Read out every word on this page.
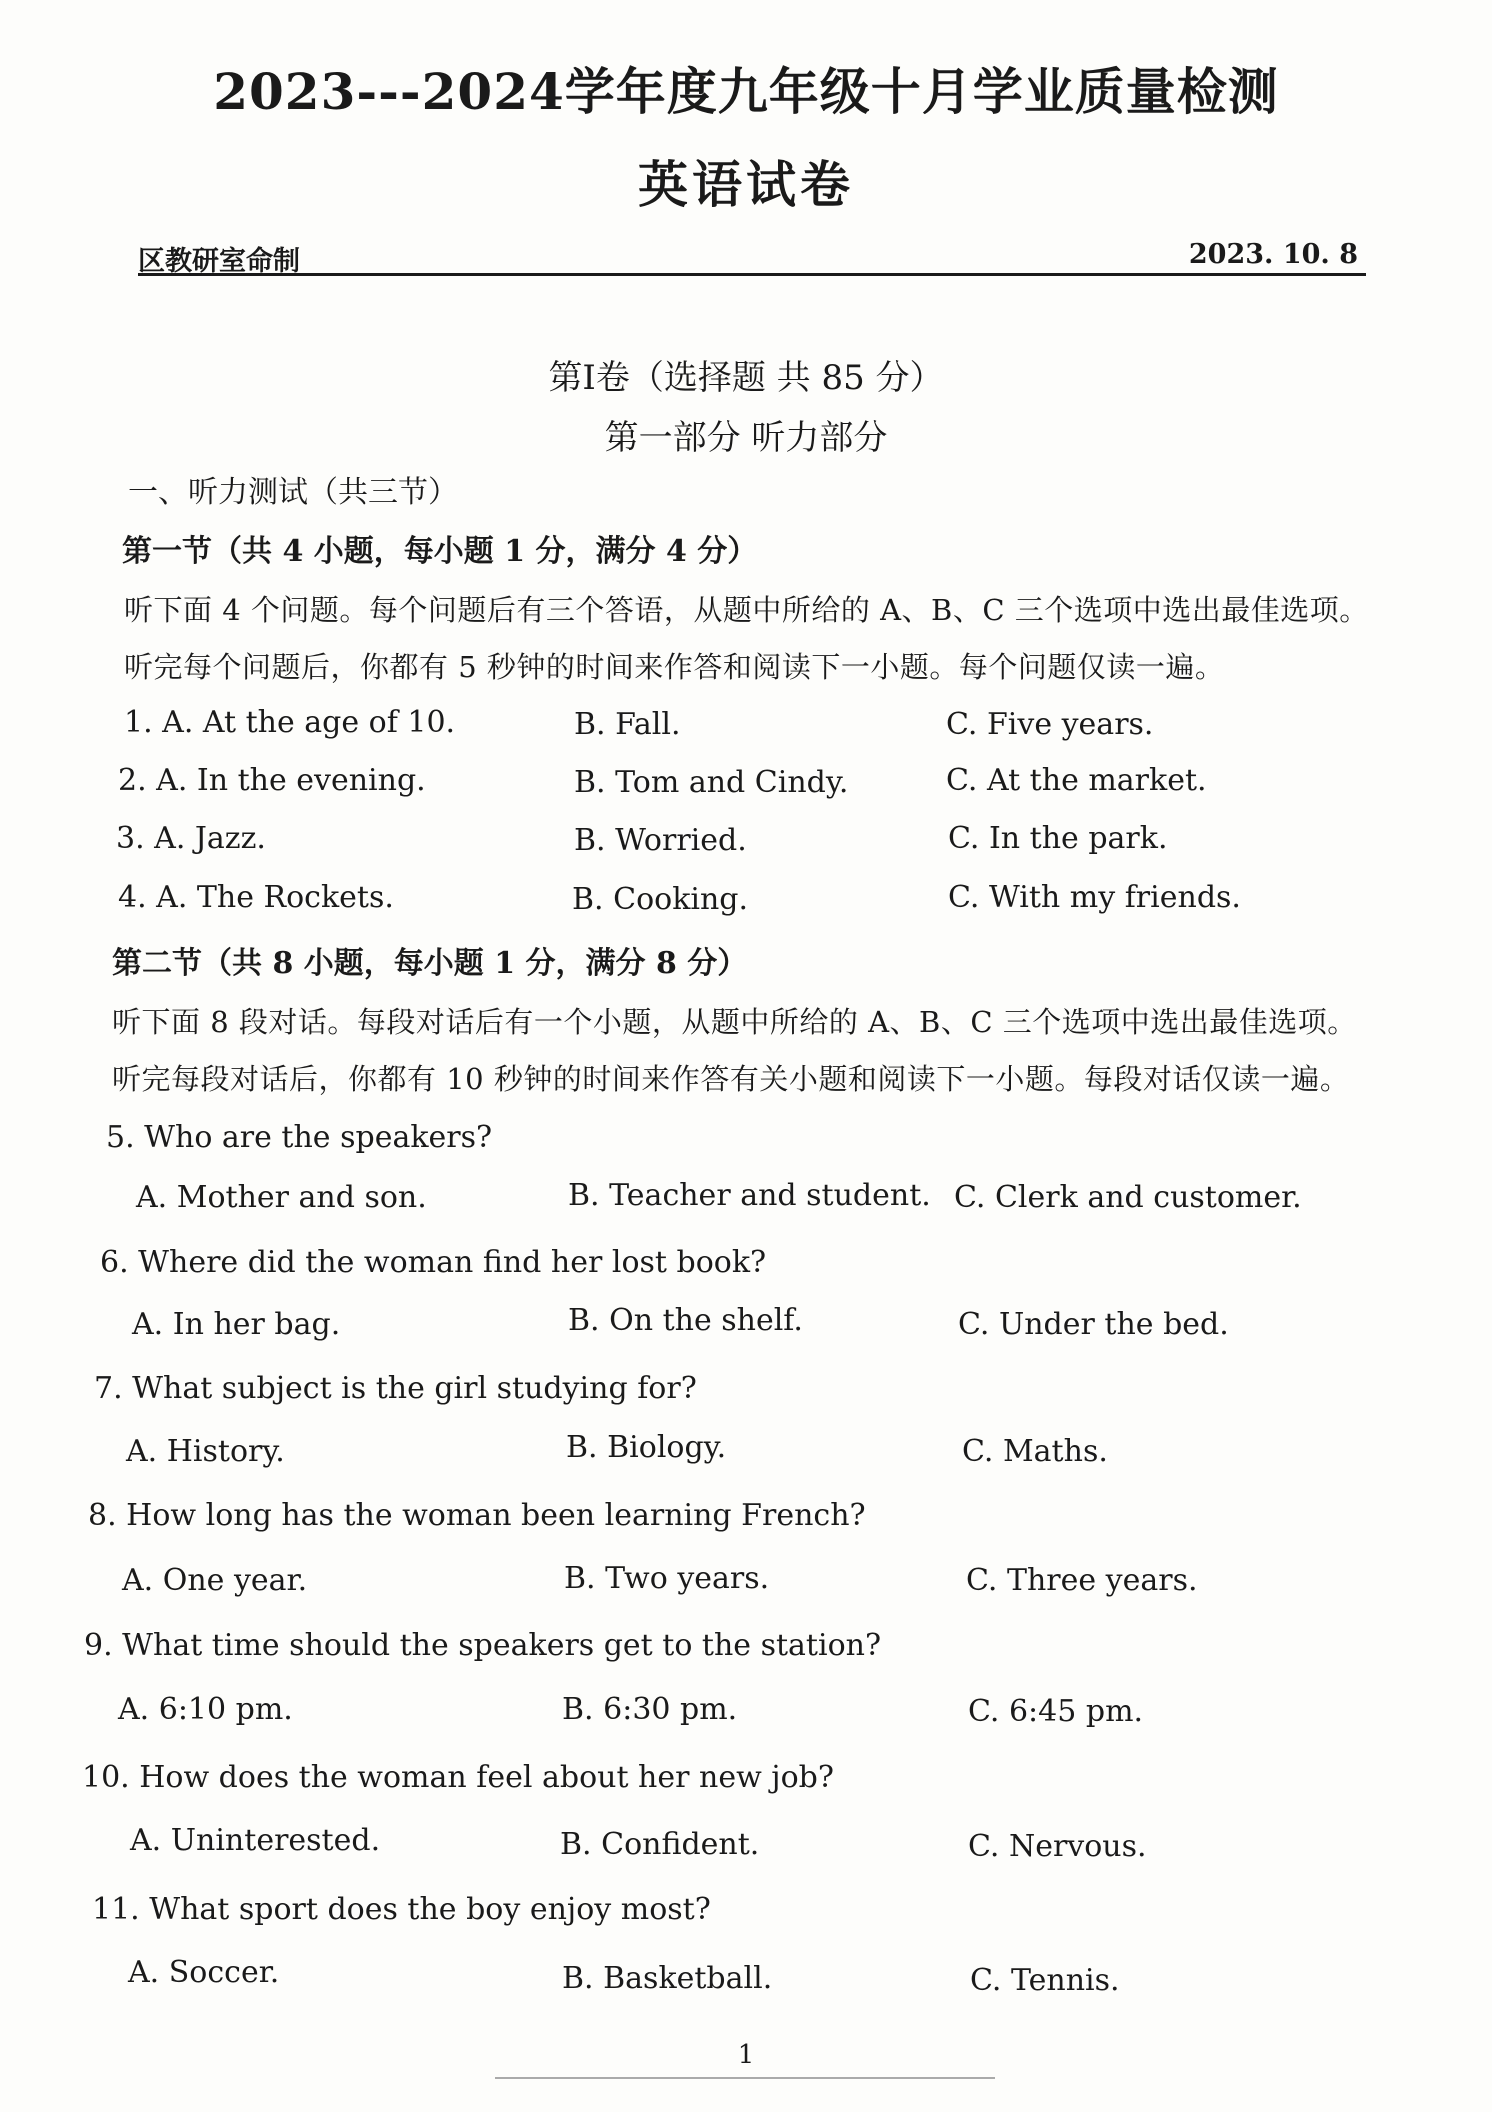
2023---2024学年度九年级十月学业质量检测
英语试卷
区教研室命制	2023. 10. 8
第Ⅰ卷（选择题 共 85 分）
第一部分 听力部分
一、听力测试（共三节）
第一节（共 4 小题，每小题 1 分，满分 4 分）
听下面 4 个问题。每个问题后有三个答语，从题中所给的 A、B、C 三个选项中选出最佳选项。
听完每个问题后，你都有 5 秒钟的时间来作答和阅读下一小题。每个问题仅读一遍。
1. A. At the age of 10.	B. Fall.	C. Five years.
2. A. In the evening.	B. Tom and Cindy.	C. At the market.
3. A. Jazz.	B. Worried.	C. In the park.
4. A. The Rockets.	B. Cooking.	C. With my friends.
第二节（共 8 小题，每小题 1 分，满分 8 分）
听下面 8 段对话。每段对话后有一个小题，从题中所给的 A、B、C 三个选项中选出最佳选项。
听完每段对话后，你都有 10 秒钟的时间来作答有关小题和阅读下一小题。每段对话仅读一遍。
5. Who are the speakers?
A. Mother and son.	B. Teacher and student. C. Clerk and customer.
6. Where did the woman find her lost book?
A. In her bag.	B. On the shelf.	C. Under the bed.
7. What subject is the girl studying for?
A. History.	B. Biology.	C. Maths.
8. How long has the woman been learning French?
A. One year.	B. Two years.	C. Three years.
9. What time should the speakers get to the station?
A. 6:10 pm.	B. 6:30 pm.	C. 6:45 pm.
10. How does the woman feel about her new job?
A. Uninterested.	B. Confident.	C. Nervous.
11. What sport does the boy enjoy most?
A. Soccer.	B. Basketball.	C. Tennis.
1
